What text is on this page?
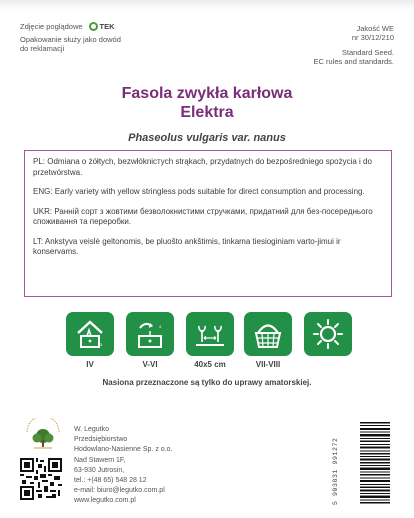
Zdjęcie poglądowe TEK
Opakowanie służy jako dowód do reklamacji
Jakość WE
nr 30/12/210
Standard Seed.
EC rules and standards.
Fasola zwykła karłowa
Elektra
Phaseolus vulgaris var. nanus

PL: Odmiana o żółtych, bezwłókniстych strąkach, przydatnych do bezpośredniego spożycia i do przetwórstwa.

ENG: Early variety with yellow stringless pods suitable for direct consumption and processing.

UKR: Ранній сорт з жовтими безволокнистими стручками, придатний для без-посереднього споживання та переробки.

LT: Ankstyva veislė geltonomis, be pluošto ankštimis, tinkama tiesioginiam varto-jimui ir konservams.

3
IV
4
V-VI	40x5 cm	VII-VIII
Nasiona przeznaczone są tylko do uprawy amatorskiej.
W. Legutko
Przedsiębiorstwo
Hodowlano-Nasienne Sp. z o.o.
Nad Stawem 1F,
63-930 Jutrosin,
tel.: +(48 65) 548 28 12
e-mail: biuro@legutko.com.pl
www.legutko.com.pl	5 903831 991272
